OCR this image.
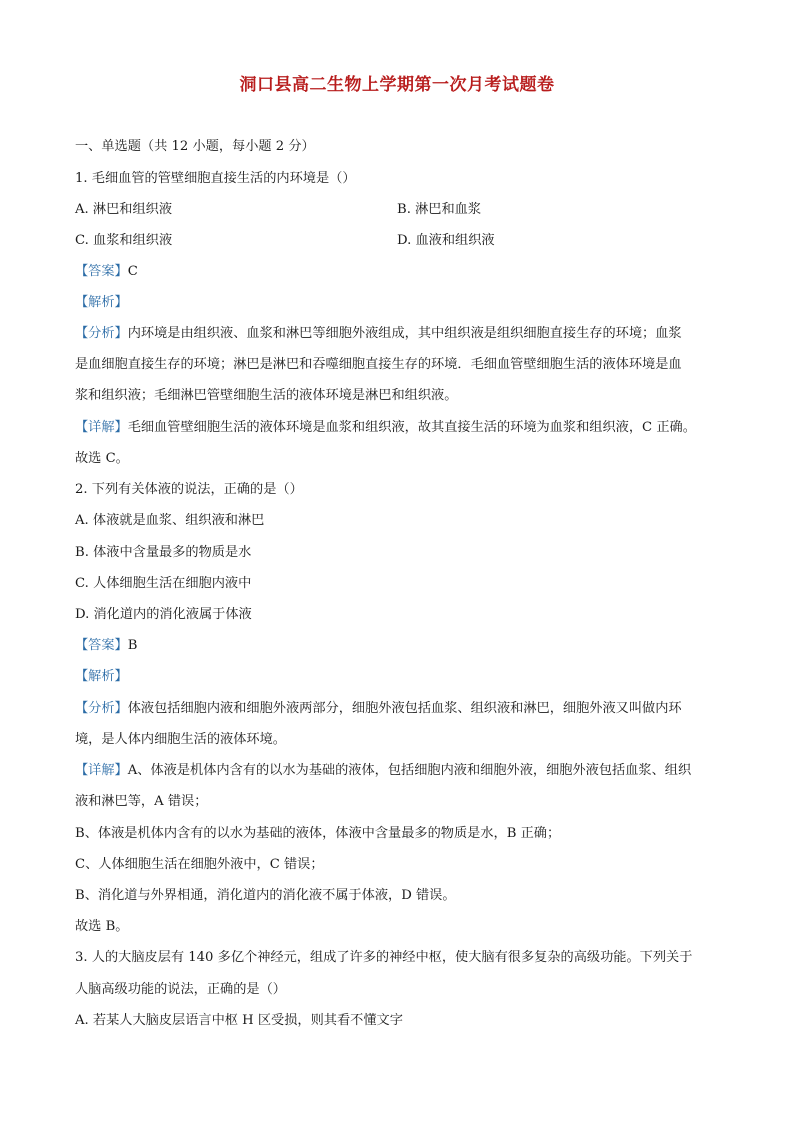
洞口县高二生物上学期第一次月考试题卷
一、单选题（共 12 小题，每小题 2 分）
1. 毛细血管的管壁细胞直接生活的内环境是（）
A. 淋巴和组织液	B. 淋巴和血浆
C. 血浆和组织液	D. 血液和组织液
【答案】C
【解析】
【分析】内环境是由组织液、血浆和淋巴等细胞外液组成，其中组织液是组织细胞直接生存的环境；血浆
是血细胞直接生存的环境；淋巴是淋巴和吞噬细胞直接生存的环境．毛细血管壁细胞生活的液体环境是血
浆和组织液；毛细淋巴管壁细胞生活的液体环境是淋巴和组织液。
【详解】毛细血管壁细胞生活的液体环境是血浆和组织液，故其直接生活的环境为血浆和组织液，C 正确。
故选 C。
2. 下列有关体液的说法，正确的是（）
A. 体液就是血浆、组织液和淋巴
B. 体液中含量最多的物质是水
C. 人体细胞生活在细胞内液中
D. 消化道内的消化液属于体液
【答案】B
【解析】
【分析】体液包括细胞内液和细胞外液两部分，细胞外液包括血浆、组织液和淋巴，细胞外液又叫做内环
境，是人体内细胞生活的液体环境。
【详解】A、体液是机体内含有的以水为基础的液体，包括细胞内液和细胞外液，细胞外液包括血浆、组织
液和淋巴等，A 错误；
B、体液是机体内含有的以水为基础的液体，体液中含量最多的物质是水，B 正确；
C、人体细胞生活在细胞外液中，C 错误；
B、消化道与外界相通，消化道内的消化液不属于体液，D 错误。
故选 B。
3. 人的大脑皮层有 140 多亿个神经元，组成了许多的神经中枢，使大脑有很多复杂的高级功能。下列关于
人脑高级功能的说法，正确的是（）
A. 若某人大脑皮层语言中枢 H 区受损，则其看不懂文字
